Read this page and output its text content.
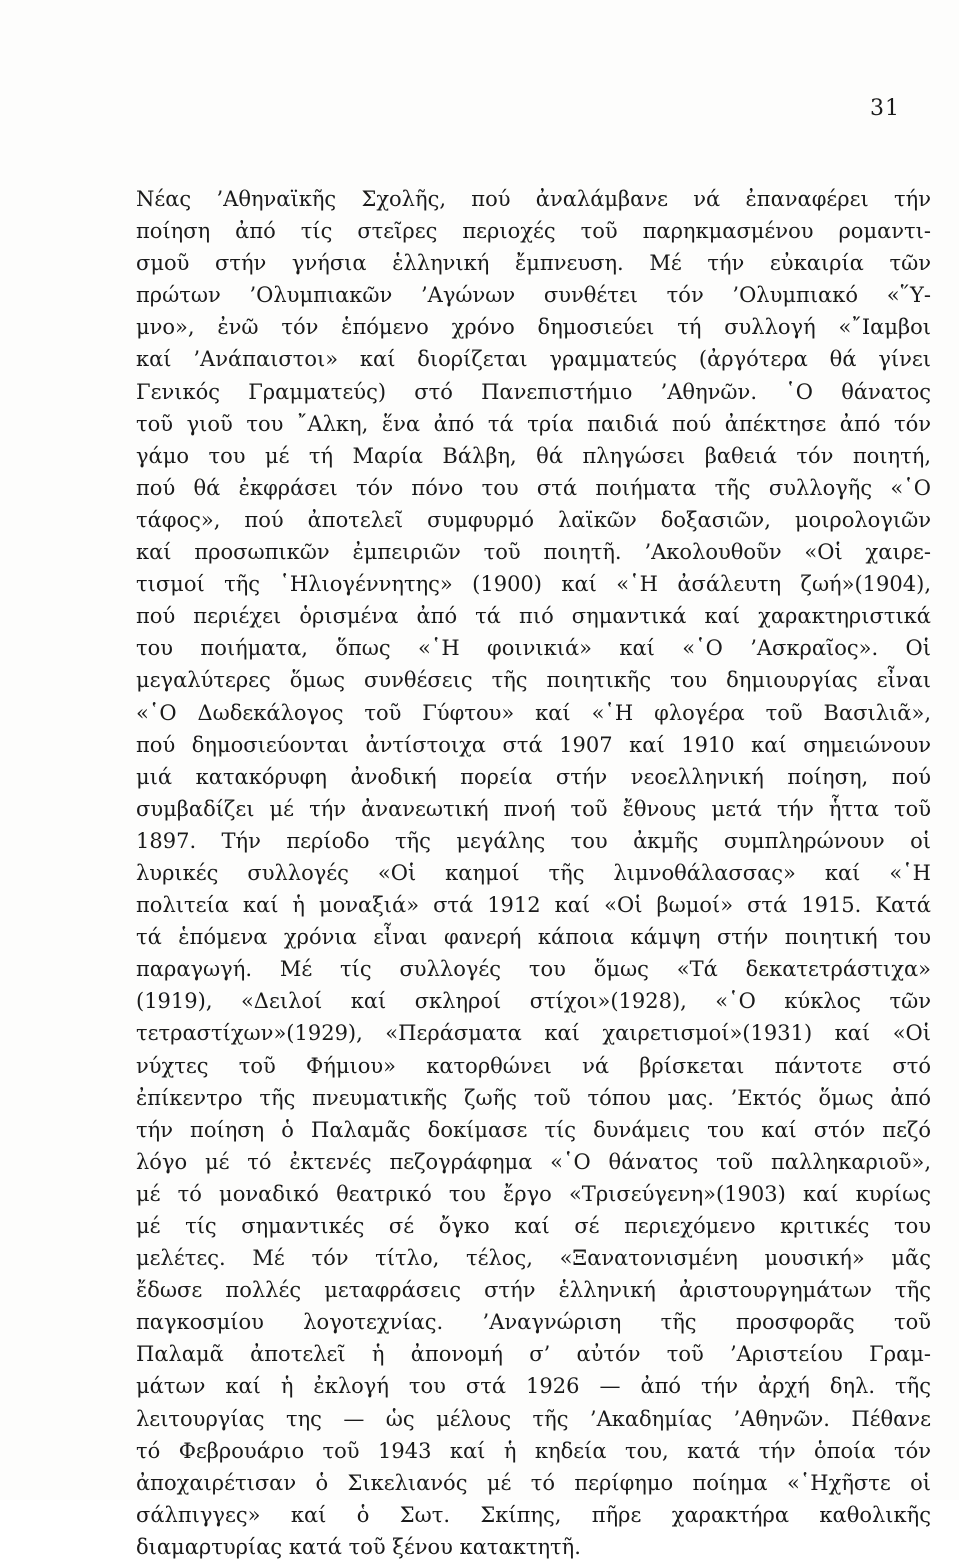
31
Νέας ’Αθηναϊκῆς Σχολῆς, πού ἀναλάμβανε νά ἐπαναφέρει τήν
ποίηση ἀπό τίς στεῖρες περιοχές τοῦ παρηκμασμένου ρομαντι-
σμοῦ στήν γνήσια ἑλληνική ἔμπνευση. Μέ τήν εὐκαιρία τῶν
πρώτων ’Ολυμπιακῶν ’Αγώνων συνθέτει τόν ’Ολυμπιακό «῞Υ-
μνο», ἐνῶ τόν ἑπόμενο χρόνο δημοσιεύει τή συλλογή «῎Ιαμβοι
καί ’Ανάπαιστοι» καί διορίζεται γραμματεύς (ἀργότερα θά γίνει
Γενικός Γραμματεύς) στό Πανεπιστήμιο ’Αθηνῶν. ῾Ο θάνατος
τοῦ γιοῦ του ῎Αλκη, ἕνα ἀπό τά τρία παιδιά πού ἀπέκτησε ἀπό τόν
γάμο του μέ τή Μαρία Βάλβη, θά πληγώσει βαθειά τόν ποιητή,
πού θά ἐκφράσει τόν πόνο του στά ποιήματα τῆς συλλογῆς «῾Ο
τάφος», πού ἀποτελεῖ συμφυρμό λαϊκῶν δοξασιῶν, μοιρολογιῶν
καί προσωπικῶν ἐμπειριῶν τοῦ ποιητῆ. ’Ακολουθοῦν «Οἱ χαιρε-
τισμοί τῆς ῾Ηλιογέννητης» (1900) καί «῾Η ἀσάλευτη ζωή»(1904),
πού περιέχει ὁρισμένα ἀπό τά πιό σημαντικά καί χαρακτηριστικά
του ποιήματα, ὅπως «῾Η φοινικιά» καί «῾Ο ’Ασκραῖος». Οἱ
μεγαλύτερες ὅμως συνθέσεις τῆς ποιητικῆς του δημιουργίας εἶναι
«῾Ο Δωδεκάλογος τοῦ Γύφτου» καί «῾Η φλογέρα τοῦ Βασιλιᾶ»,
πού δημοσιεύονται ἀντίστοιχα στά 1907 καί 1910 καί σημειώνουν
μιά κατακόρυφη ἀνοδική πορεία στήν νεοελληνική ποίηση, πού
συμβαδίζει μέ τήν ἀνανεωτική πνοή τοῦ ἔθνους μετά τήν ἧττα τοῦ
1897. Τήν περίοδο τῆς μεγάλης του ἀκμῆς συμπληρώνουν οἱ
λυρικές συλλογές «Οἱ καημοί τῆς λιμνοθάλασσας» καί «῾Η
πολιτεία καί ἡ μοναξιά» στά 1912 καί «Οἱ βωμοί» στά 1915. Κατά
τά ἑπόμενα χρόνια εἶναι φανερή κάποια κάμψη στήν ποιητική του
παραγωγή. Μέ τίς συλλογές του ὅμως «Τά δεκατετράστιχα»
(1919), «Δειλοί καί σκληροί στίχοι»(1928), «῾Ο κύκλος τῶν
τετραστίχων»(1929), «Περάσματα καί χαιρετισμοί»(1931) καί «Οἱ
νύχτες τοῦ Φήμιου» κατορθώνει νά βρίσκεται πάντοτε στό
ἐπίκεντρο τῆς πνευματικῆς ζωῆς τοῦ τόπου μας. ’Εκτός ὅμως ἀπό
τήν ποίηση ὁ Παλαμᾶς δοκίμασε τίς δυνάμεις του καί στόν πεζό
λόγο μέ τό ἐκτενές πεζογράφημα «῾Ο θάνατος τοῦ παλληκαριοῦ»,
μέ τό μοναδικό θεατρικό του ἔργο «Τρισεύγενη»(1903) καί κυρίως
μέ τίς σημαντικές σέ ὄγκο καί σέ περιεχόμενο κριτικές του
μελέτες. Μέ τόν τίτλο, τέλος, «Ξανατονισμένη μουσική» μᾶς
ἔδωσε πολλές μεταφράσεις στήν ἑλληνική ἀριστουργημάτων τῆς
παγκοσμίου λογοτεχνίας. ’Αναγνώριση τῆς προσφορᾶς τοῦ
Παλαμᾶ ἀποτελεῖ ἡ ἀπονομή σ’ αὐτόν τοῦ ’Αριστείου Γραμ-
μάτων καί ἡ ἐκλογή του στά 1926 — ἀπό τήν ἀρχή δηλ. τῆς
λειτουργίας της — ὡς μέλους τῆς ’Ακαδημίας ’Αθηνῶν. Πέθανε
τό Φεβρουάριο τοῦ 1943 καί ἡ κηδεία του, κατά τήν ὁποία τόν
ἀποχαιρέτισαν ὁ Σικελιανός μέ τό περίφημο ποίημα «῾Ηχῆστε οἱ
σάλπιγγες» καί ὁ Σωτ. Σκίπης, πῆρε χαρακτήρα καθολικῆς
διαμαρτυρίας κατά τοῦ ξένου κατακτητῆ.
